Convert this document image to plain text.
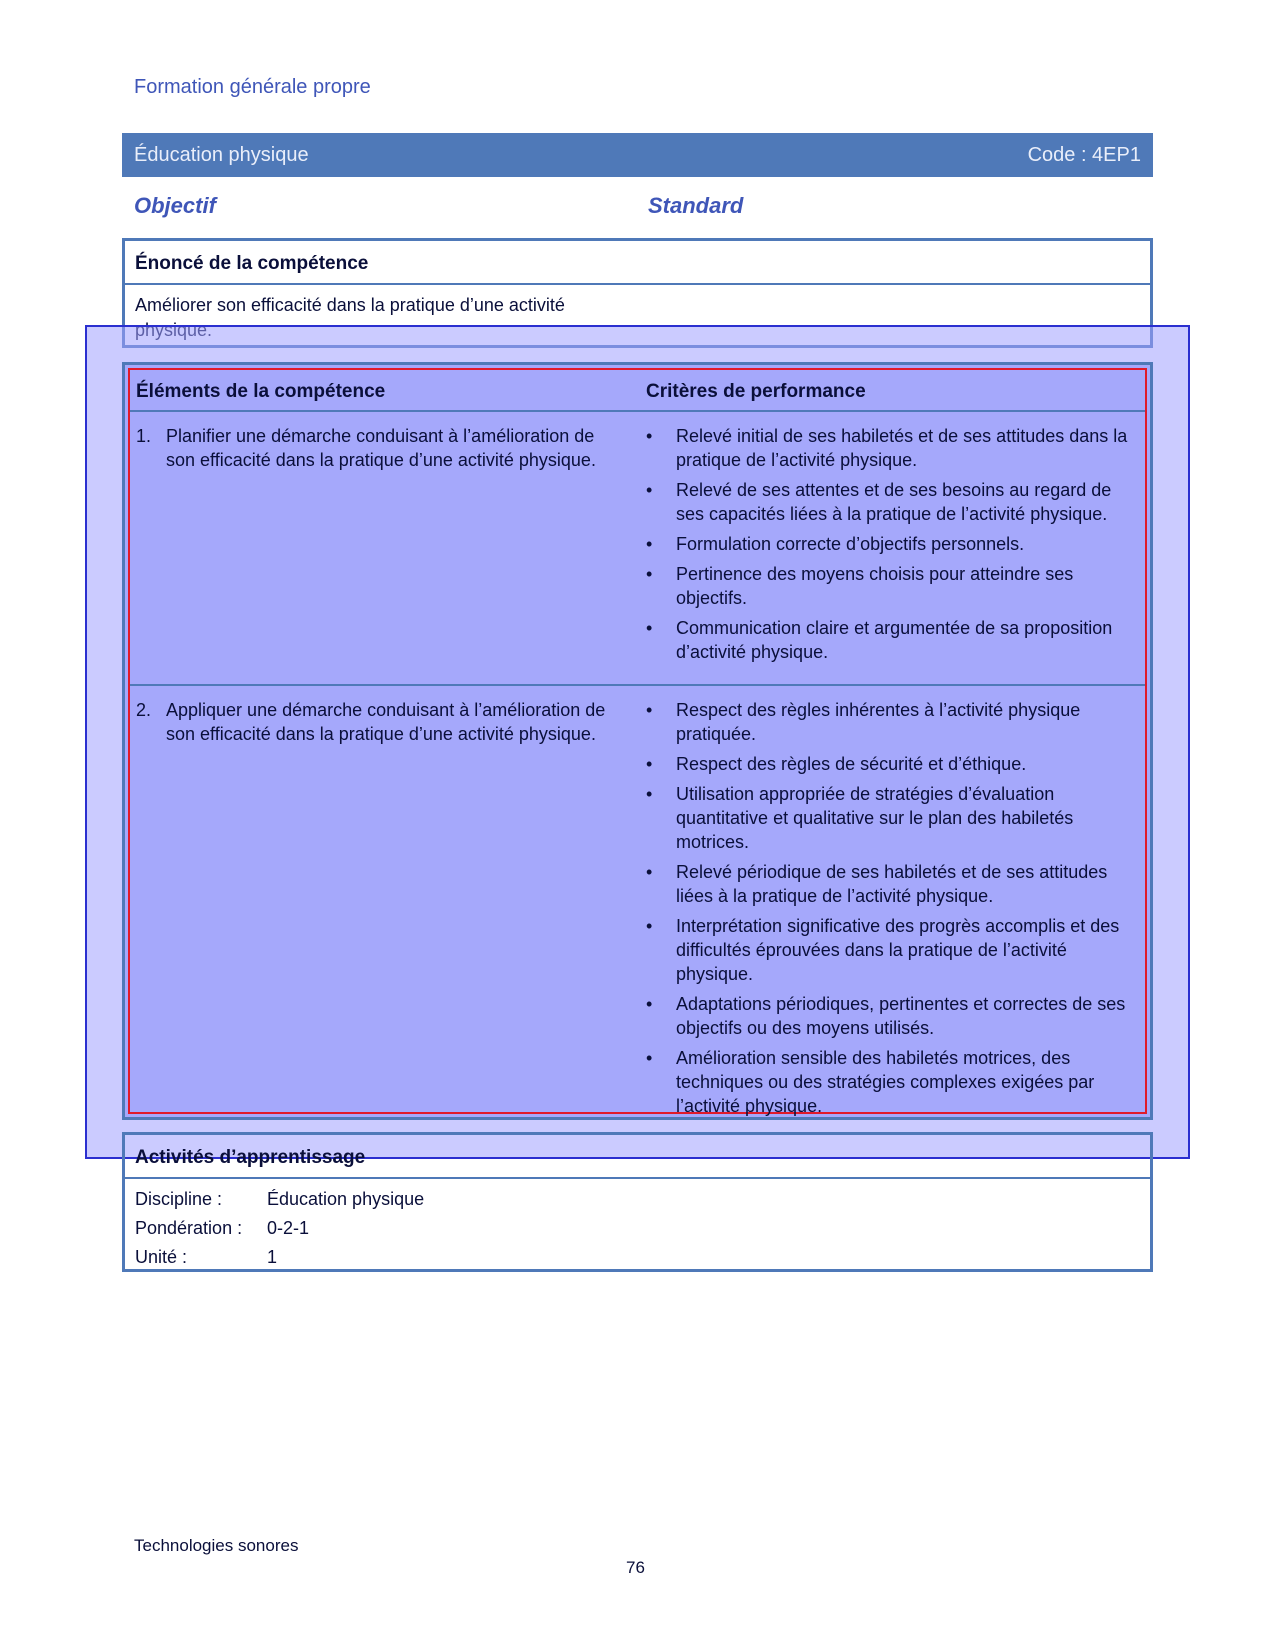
Formation générale propre
Éducation physique	Code : 4EP1
Objectif	Standard
Énoncé de la compétence
Améliorer son efficacité dans la pratique d’une activité
Éléments de la compétence	Critères de performance
1. Planifier une démarche conduisant à l’amélioration de son efficacité dans la pratique d’une activité physique.
•	Relevé initial de ses habiletés et de ses attitudes dans la pratique de l’activité physique.
•	Relevé de ses attentes et de ses besoins au regard de ses capacités liées à la pratique de l’activité physique.
•	Formulation correcte d’objectifs personnels.
•	Pertinence des moyens choisis pour atteindre ses objectifs.
•	Communication claire et argumentée de sa proposition d’activité physique.
2. Appliquer une démarche conduisant à l’amélioration de son efficacité dans la pratique d’une activité physique.
•	Respect des règles inhérentes à l’activité physique pratiquée.
•	Respect des règles de sécurité et d’éthique.
•	Utilisation appropriée de stratégies d’évaluation quantitative et qualitative sur le plan des habiletés motrices.
•	Relevé périodique de ses habiletés et de ses attitudes liées à la pratique de l’activité physique.
•	Interprétation significative des progrès accomplis et des difficultés éprouvées dans la pratique de l’activité physique.
•	Adaptations périodiques, pertinentes et correctes de ses objectifs ou des moyens utilisés.
•	Amélioration sensible des habiletés motrices, des techniques ou des stratégies complexes exigées par l’activité physique.
Activités d’apprentissage
Discipline : Éducation physique
Pondération : 0-2-1
Unité :	1
Technologies sonores
76
